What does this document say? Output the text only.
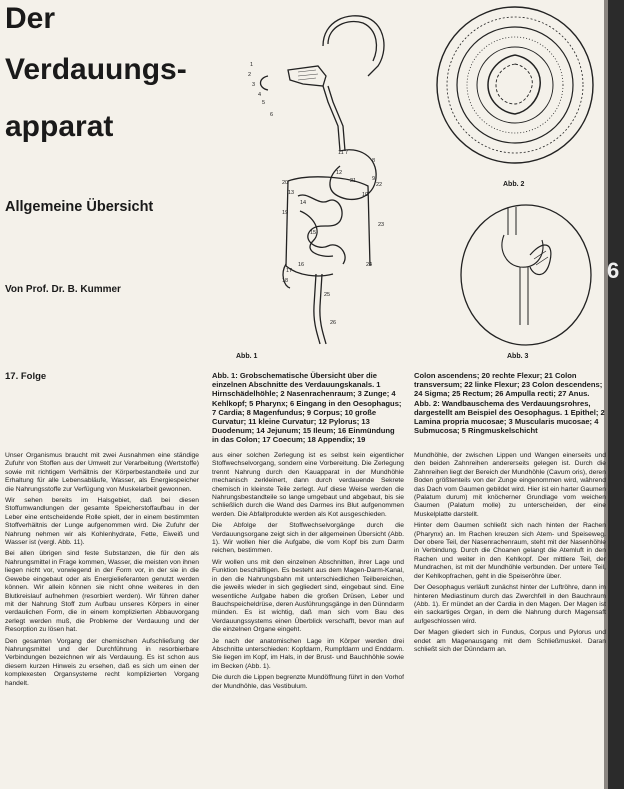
6
Der
Verdauungs-
apparat
Allgemeine Übersicht
Von Prof. Dr. B. Kummer
17. Folge
Abb. 2
Abb. 3
Abb. 1
Abb. 1: Grobschematische Übersicht über die einzelnen Abschnitte des Verdauungskanals. 1 Hirnschädelhöhle; 2 Nasenrachenraum; 3 Zunge; 4 Kehlkopf; 5 Pharynx; 6 Eingang in den Oesophagus; 7 Cardia; 8 Magenfundus; 9 Corpus; 10 große Curvatur; 11 kleine Curvatur; 12 Pylorus; 13 Duodenum; 14 Jejunum; 15 Ileum; 16 Einmündung in das Colon; 17 Coecum; 18 Appendix; 19
Colon ascendens; 20 rechte Flexur; 21 Colon transversum; 22 linke Flexur; 23 Colon descendens; 24 Sigma; 25 Rectum; 26 Ampulla recti; 27 Anus. Abb. 2: Wandbauschema des Verdauungsrohres, dargestellt am Beispiel des Oesophagus. 1 Epithel; 2 Lamina propria mucosae; 3 Muscularis mucosae; 4 Submucosa; 5 Ringmuskelschicht

Unser Organismus braucht mit zwei Ausnahmen eine ständige Zufuhr von Stoffen aus der Umwelt zur Verarbeitung (Wertstoffe) sowie mit richtigem Verhältnis der Körperbestandteile und zur Erhaltung für alle Lebensabläufe, Wasser, als Energiespeicher die Nahrungsstoffe zur Verfügung von Muskelarbeit gewonnen.

Wir sehen bereits im Halsgebiet, daß bei diesen Stoffumwandlungen der gesamte Speicherstoffaufbau in der Leber eine entscheidende Rolle spielt, der in einem bestimmten Stoffverhältnis der Lunge aufgenommen wird. Die Zufuhr der Nahrung nehmen wir als Kohlenhydrate, Fette, Eiweiß und Wasser ist (vergl. Abb. 11).

Bei allen übrigen sind feste Substanzen, die für den als Nahrungsmittel in Frage kommen, Wasser, die meisten von ihnen liegen nicht vor, vorwiegend in der Form vor, in der sie in die Gewebe eingebaut oder als Energielieferanten genutzt werden können. Wir allein können sie nicht ohne weiteres in den Blutkreislauf aufnehmen (resorbiert werden). Wir führen daher mit der Nahrung Stoff zum Aufbau unseres Körpers in einer verdaulichen Form, die in einem komplizierten Abbauvorgang zerlegt werden muß, die Probleme der Verdauung und der Resorption zu lösen hat.

Den gesamten Vorgang der chemischen Aufschließung der Nahrungsmittel und der Durchführung in resorbierbare Verbindungen bezeichnen wir als Verdauung. Es ist schon aus diesem kurzen Hinweis zu ersehen, daß es sich um einen der komplexesten Organsysteme recht komplizierten Vorgang handelt.

aus einer solchen Zerlegung ist es selbst kein eigentlicher Stoffwechselvorgang, sondern eine Vorbereitung. Die Zerlegung trennt Nahrung durch den Kauapparat in der Mundhöhle mechanisch zerkleinert, dann durch verdauende Sekrete chemisch in kleinste Teile zerlegt. Auf diese Weise werden die Nahrungsbestandteile so lange umgebaut und abgebaut, bis sie schließlich durch die Wand des Darmes ins Blut aufgenommen werden. Die Abfallprodukte werden als Kot ausgeschieden.

Die Abfolge der Stoffwechselvorgänge durch die Verdauungsorgane zeigt sich in der allgemeinen Übersicht (Abb. 1). Wir wollen hier die Aufgabe, die vom Kopf bis zum Darm reichen, bestimmen.

Wir wollen uns mit den einzelnen Abschnitten, ihrer Lage und Funktion beschäftigen. Es besteht aus dem Magen-Darm-Kanal, in den die Nahrungsbahn mit unterschiedlichen Teilbereichen, die jeweils wieder in sich gegliedert sind, eingebaut sind. Eine wesentliche Aufgabe haben die großen Drüsen, Leber und Bauchspeicheldrüse, deren Ausführungsgänge in den Dünndarm münden. Es ist wichtig, daß man sich vom Bau des Verdauungssystems einen Überblick verschafft, bevor man auf die einzelnen Organe eingeht.

Je nach der anatomischen Lage im Körper werden drei Abschnitte unterschieden: Kopfdarm, Rumpfdarm und Enddarm. Sie liegen im Kopf, im Hals, in der Brust- und Bauchhöhle sowie im Becken (Abb. 1).

Die durch die Lippen begrenzte Mundöffnung führt in den Vorhof der Mundhöhle, das Vestibulum.

Mundhöhle, der zwischen Lippen und Wangen einerseits und den beiden Zahnreihen andererseits gelegen ist. Durch die Zahnreihen liegt der Bereich der Mundhöhle (Cavum oris), deren Boden größtenteils von der Zunge eingenommen wird, während das Dach vom Gaumen gebildet wird. Hier ist ein harter Gaumen (Palatum durum) mit knöcherner Grundlage vom weichen Gaumen (Palatum molle) zu unterscheiden, der eine Muskelplatte darstellt.

Hinter dem Gaumen schließt sich nach hinten der Rachen (Pharynx) an. Im Rachen kreuzen sich Atem- und Speiseweg. Der obere Teil, der Nasenrachenraum, steht mit der Nasenhöhle in Verbindung. Durch die Choanen gelangt die Atemluft in den Rachen und weiter in den Kehlkopf. Der mittlere Teil, der Mundrachen, ist mit der Mundhöhle verbunden. Der untere Teil, der Kehlkopfrachen, geht in die Speiseröhre über.

Der Oesophagus verläuft zunächst hinter der Luftröhre, dann im hinteren Mediastinum durch das Zwerchfell in den Bauchraum (Abb. 1). Er mündet an der Cardia in den Magen. Der Magen ist ein sackartiges Organ, in dem die Nahrung durch Magensaft aufgeschlossen wird.

Der Magen gliedert sich in Fundus, Corpus und Pylorus und endet am Magenausgang mit dem Schließmuskel. Daran schließt sich der Dünndarm an.

1
2
3
4
5
6
7
8
9
10
11
12
13
14
15
16
17
18
19
20	21
22
23
24
25
26
